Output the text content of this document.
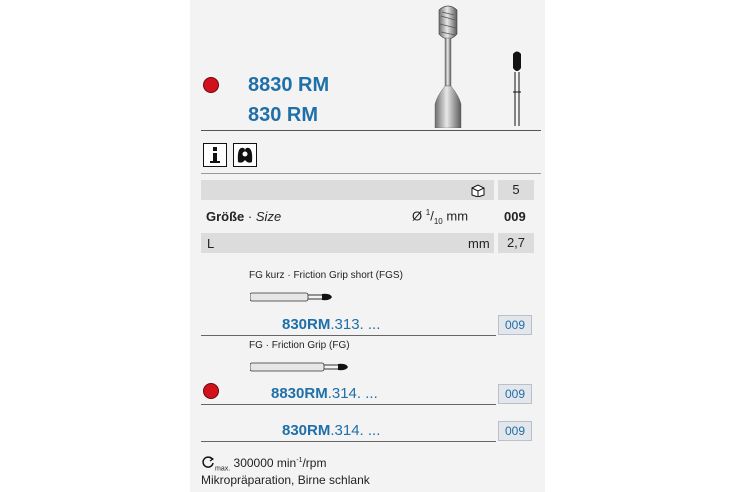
8830 RM
830 RM
5
Größe · Size	Ø $^1/_{10}$ mm	009
L	mm	2,7
FG kurz · Friction Grip short (FGS)
830RM.313. ...	009
FG · Friction Grip (FG)
8830RM.314. ...	009
830RM.314. ...	009
$_{max.}$ 300000 $\min^{-1}$/rpm
Mikropräparation, Birne schlank
